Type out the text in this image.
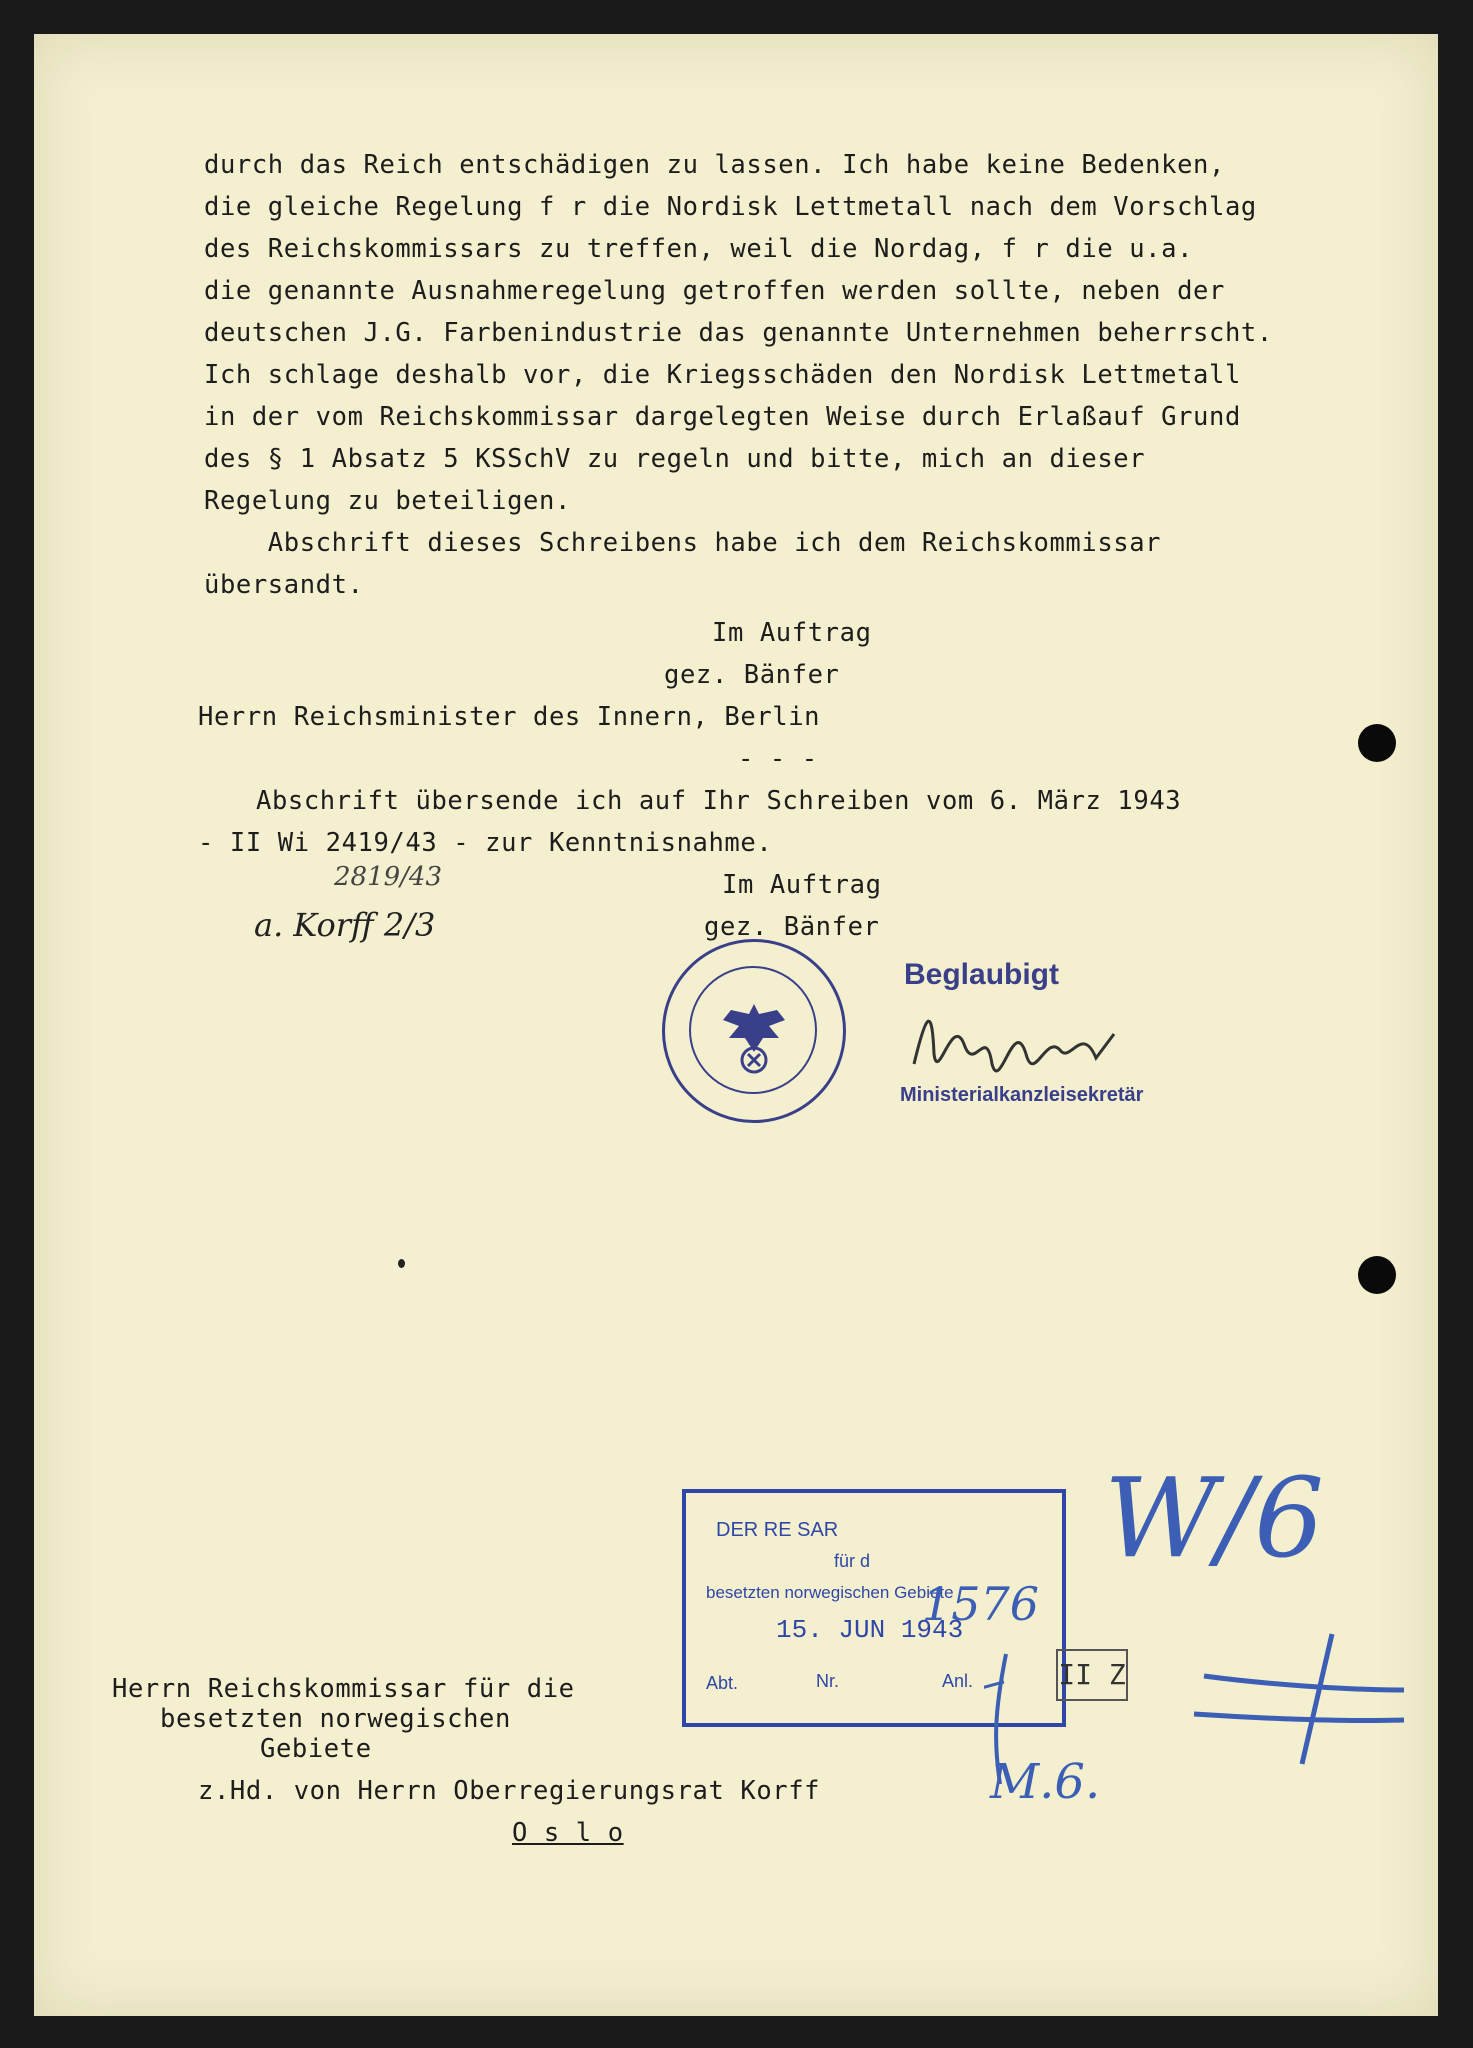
durch das Reich entschädigen zu lassen. Ich habe keine Bedenken,
die gleiche Regelung f r die Nordisk Lettmetall nach dem Vorschlag
des Reichskommissars zu treffen, weil die Nordag, f r die u.a.
die genannte Ausnahmeregelung getroffen werden sollte, neben der
deutschen J.G. Farbenindustrie das genannte Unternehmen beherrscht.
Ich schlage deshalb vor, die Kriegsschäden den Nordisk Lettmetall
in der vom Reichskommissar dargelegten Weise durch Erlaßauf Grund
des § 1 Absatz 5 KSSchV zu regeln und bitte, mich an dieser
Regelung zu beteiligen.
Abschrift dieses Schreibens habe ich dem Reichskommissar
übersandt.
Im Auftrag
gez. Bänfer
Herrn Reichsminister des Innern, Berlin
- - -
Abschrift übersende ich auf Ihr Schreiben vom 6. März 1943
- II Wi 2419/43 - zur Kenntnisnahme.
Im Auftrag
gez. Bänfer
2819/43
a. Korff 2/3
Beglaubigt
Ministerialkanzleisekretär
DER RE SAR
für d
besetzten norwegischen Gebiete
15. JUN 1943
Abt.	Nr.	Anl.
1576
II Z
W/6
M.6.
Herrn Reichskommissar für die
besetzten norwegischen
Gebiete
z.Hd. von Herrn Oberregierungsrat Korff
O s l o
